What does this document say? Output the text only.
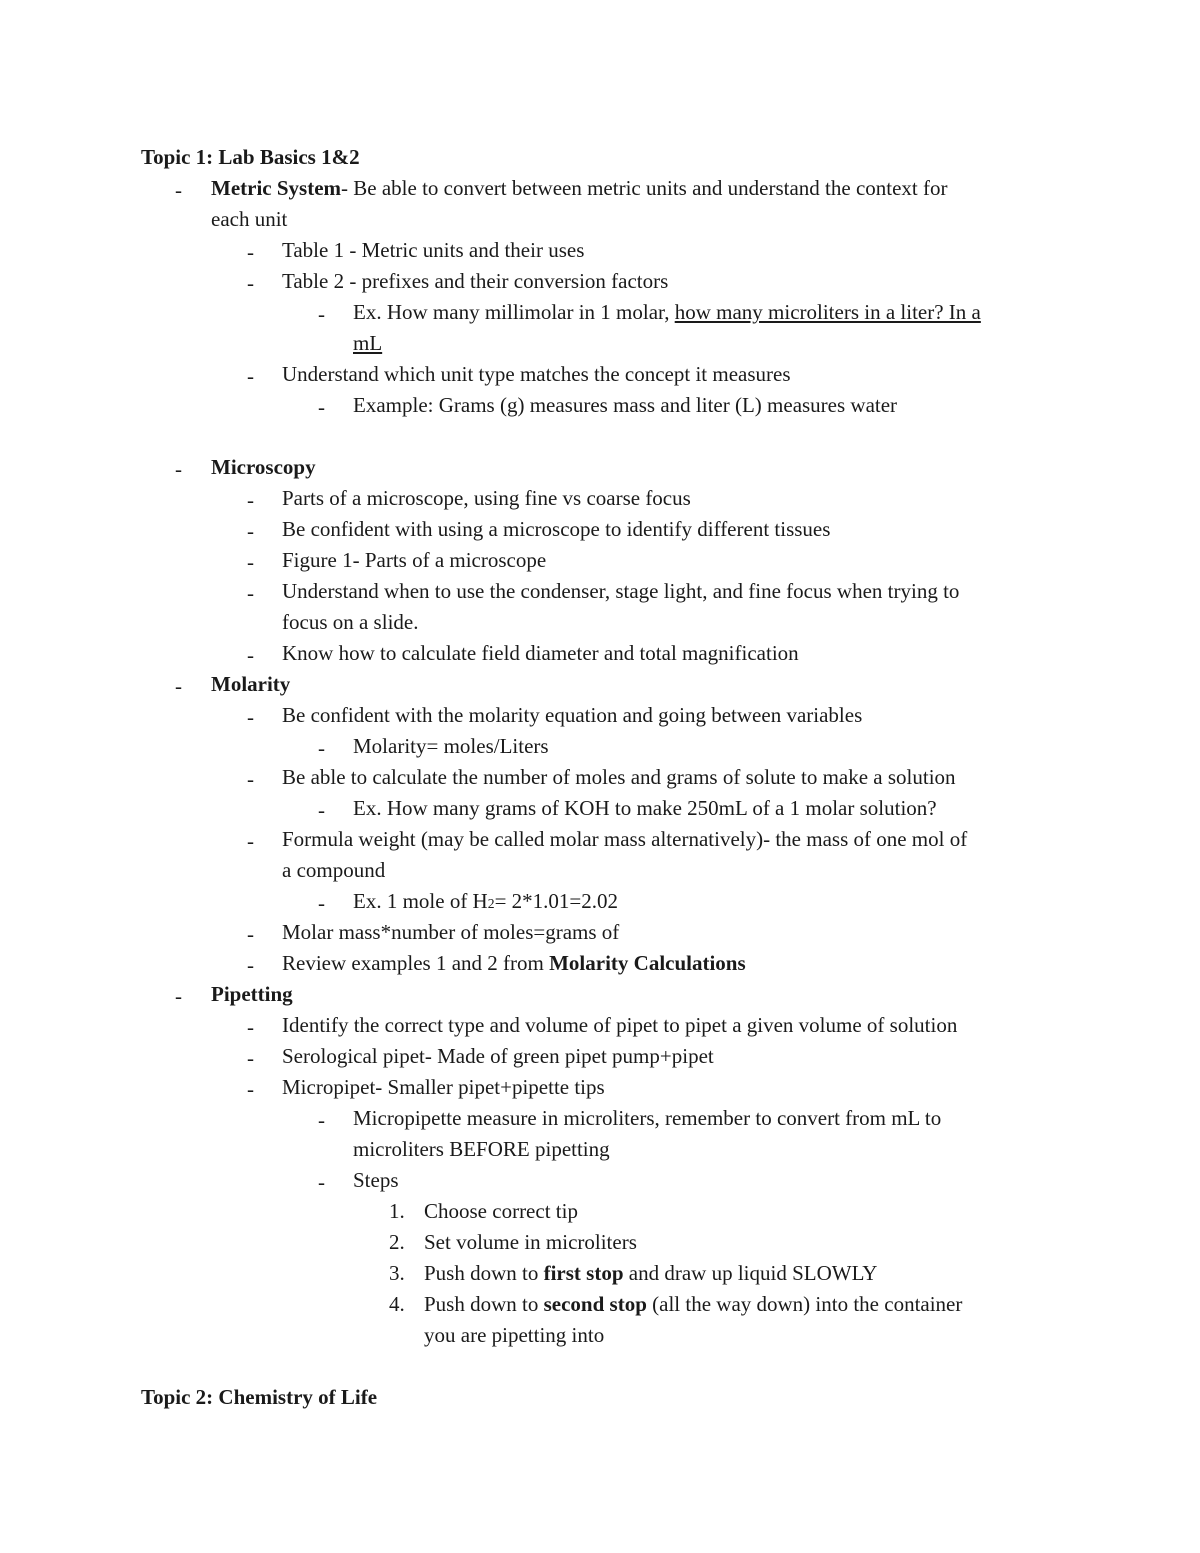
Topic 1: Lab Basics 1&2
- Metric System - Be able to convert between metric units and understand the context for
each unit
- Table 1 - Metric units and their uses
- Table 2 - prefixes and their conversion factors
- Ex. How many millimolar in 1 molar,
how many microliters in a liter? In a
mL
- Understand which unit type matches the concept it measures
- Example: Grams (g) measures mass and liter (L) measures water
- Microscopy
- Parts of a microscope, using fine vs coarse focus
- Be confident with using a microscope to identify different tissues
- Figure 1- Parts of a microscope
- Understand when to use the condenser, stage light, and fine focus when trying to
focus on a slide.
- Know how to calculate field diameter and total magnification
- Molarity
- Be confident with the molarity equation and going between variables
- Molarity= moles/Liters
- Be able to calculate the number of moles and grams of solute to make a solution
- Ex. How many grams of KOH to make 250mL of a 1 molar solution?
- Formula weight (may be called molar mass alternatively)- the mass of one mol of
a compound
- Ex. 1 mole of H 2 = 2*1.01=2.02
- Molar mass*number of moles=grams of
- Review examples 1 and 2 from
Molarity Calculations
- Pipetting
- Identify the correct type and volume of pipet to pipet a given volume of solution
- Serological pipet- Made of green pipet pump+pipet
- Micropipet- Smaller pipet+pipette tips
- Micropipette measure in microliters, remember to convert from mL to
microliters BEFORE pipetting
- Steps
1. Choose correct tip
2. Set volume in microliters
3. Push down to
first stop
and draw up liquid SLOWLY
4. Push down to
second stop
(all the way down) into the container
you are pipetting into
Topic 2: Chemistry of Life
